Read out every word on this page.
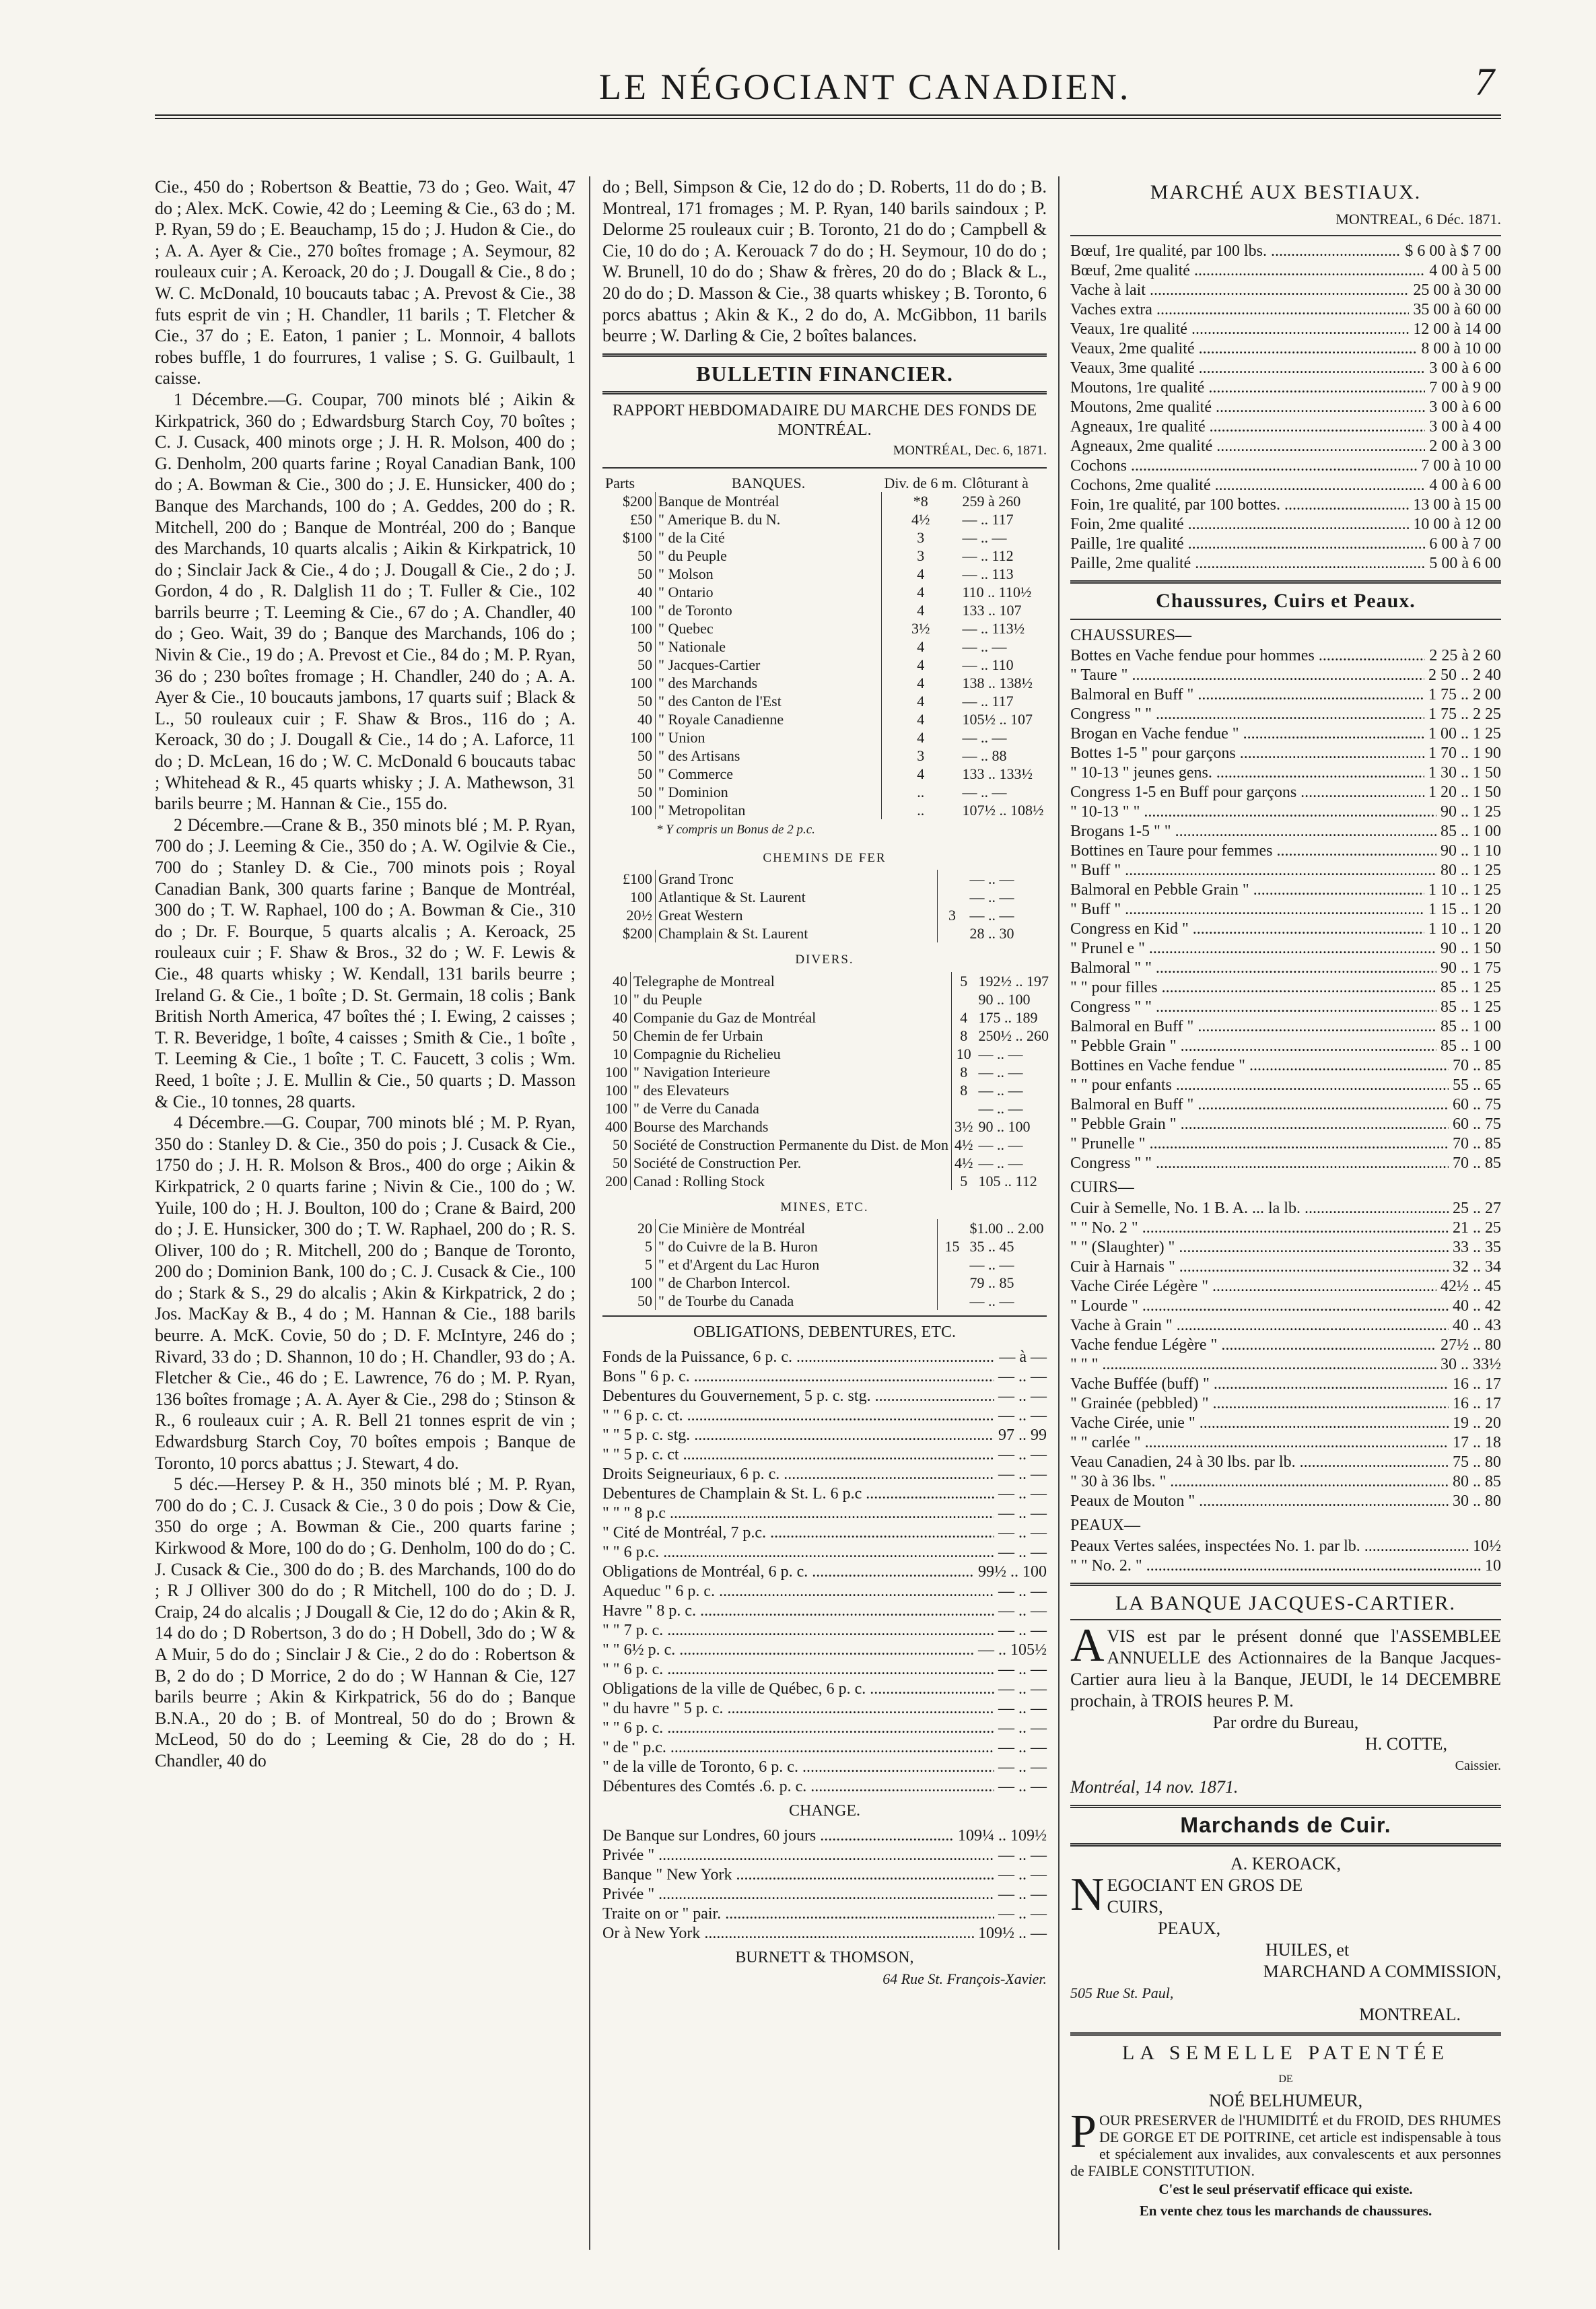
LE NÉGOCIANT CANADIEN.	7

Cie., 450 do ; Robertson & Beattie, 73 do ; Geo. Wait, 47 do ; Alex. McK. Cowie, 42 do ; Leeming & Cie., 63 do ; M. P. Ryan, 59 do ; E. Beauchamp, 15 do ; J. Hudon & Cie., do ; A. A. Ayer & Cie., 270 boîtes fromage ; A. Seymour, 82 rouleaux cuir ; A. Keroack, 20 do ; J. Dougall & Cie., 8 do ; W. C. McDonald, 10 boucauts tabac ; A. Prevost & Cie., 38 futs esprit de vin ; H. Chandler, 11 barils ; T. Fletcher & Cie., 37 do ; E. Eaton, 1 panier ; L. Monnoir, 4 ballots robes buffle, 1 do fourrures, 1 valise ; S. G. Guilbault, 1 caisse.

1 Décembre.—G. Coupar, 700 minots blé ; Aikin & Kirkpatrick, 360 do ; Edwardsburg Starch Coy, 70 boîtes ; C. J. Cusack, 400 minots orge ; J. H. R. Molson, 400 do ; G. Denholm, 200 quarts farine ; Royal Canadian Bank, 100 do ; A. Bowman & Cie., 300 do ; J. E. Hunsicker, 400 do ; Banque des Marchands, 100 do ; A. Geddes, 200 do ; R. Mitchell, 200 do ; Banque de Montréal, 200 do ; Banque des Marchands, 10 quarts alcalis ; Aikin & Kirkpatrick, 10 do ; Sinclair Jack & Cie., 4 do ; J. Dougall & Cie., 2 do ; J. Gordon, 4 do , R. Dalglish 11 do ; T. Fuller & Cie., 102 barrils beurre ; T. Leeming & Cie., 67 do ; A. Chandler, 40 do ; Geo. Wait, 39 do ; Banque des Marchands, 106 do ; Nivin & Cie., 19 do ; A. Prevost et Cie., 84 do ; M. P. Ryan, 36 do ; 230 boîtes fromage ; H. Chandler, 240 do ; A. A. Ayer & Cie., 10 boucauts jambons, 17 quarts suif ; Black & L., 50 rouleaux cuir ; F. Shaw & Bros., 116 do ; A. Keroack, 30 do ; J. Dougall & Cie., 14 do ; A. Laforce, 11 do ; D. McLean, 16 do ; W. C. McDonald 6 boucauts tabac ; Whitehead & R., 45 quarts whisky ; J. A. Mathewson, 31 barils beurre ; M. Hannan & Cie., 155 do.

2 Décembre.—Crane & B., 350 minots blé ; M. P. Ryan, 700 do ; J. Leeming & Cie., 350 do ; A. W. Ogilvie & Cie., 700 do ; Stanley D. & Cie., 700 minots pois ; Royal Canadian Bank, 300 quarts farine ; Banque de Montréal, 300 do ; T. W. Raphael, 100 do ; A. Bowman & Cie., 310 do ; Dr. F. Bourque, 5 quarts alcalis ; A. Keroack, 25 rouleaux cuir ; F. Shaw & Bros., 32 do ; W. F. Lewis & Cie., 48 quarts whisky ; W. Kendall, 131 barils beurre ; Ireland G. & Cie., 1 boîte ; D. St. Germain, 18 colis ; Bank British North America, 47 boîtes thé ; I. Ewing, 2 caisses ; T. R. Beveridge, 1 boîte, 4 caisses ; Smith & Cie., 1 boîte , T. Leeming & Cie., 1 boîte ; T. C. Faucett, 3 colis ; Wm. Reed, 1 boîte ; J. E. Mullin & Cie., 50 quarts ; D. Masson & Cie., 10 tonnes, 28 quarts.

4 Décembre.—G. Coupar, 700 minots blé ; M. P. Ryan, 350 do : Stanley D. & Cie., 350 do pois ; J. Cusack & Cie., 1750 do ; J. H. R. Molson & Bros., 400 do orge ; Aikin & Kirkpatrick, 2 0 quarts farine ; Nivin & Cie., 100 do ; W. Yuile, 100 do ; H. J. Boulton, 100 do ; Crane & Baird, 200 do ; J. E. Hunsicker, 300 do ; T. W. Raphael, 200 do ; R. S. Oliver, 100 do ; R. Mitchell, 200 do ; Banque de Toronto, 200 do ; Dominion Bank, 100 do ; C. J. Cusack & Cie., 100 do ; Stark & S., 29 do alcalis ; Akin & Kirkpatrick, 2 do ; Jos. MacKay & B., 4 do ; M. Hannan & Cie., 188 barils beurre. A. McK. Covie, 50 do ; D. F. McIntyre, 246 do ; Rivard, 33 do ; D. Shannon, 10 do ; H. Chandler, 93 do ; A. Fletcher & Cie., 46 do ; E. Lawrence, 76 do ; M. P. Ryan, 136 boîtes fromage ; A. A. Ayer & Cie., 298 do ; Stinson & R., 6 rouleaux cuir ; A. R. Bell 21 tonnes esprit de vin ; Edwardsburg Starch Coy, 70 boîtes empois ; Banque de Toronto, 10 porcs abattus ; J. Stewart, 4 do.

5 déc.—Hersey P. & H., 350 minots blé ; M. P. Ryan, 700 do do ; C. J. Cusack & Cie., 3 0 do pois ; Dow & Cie, 350 do orge ; A. Bowman & Cie., 200 quarts farine ; Kirkwood & More, 100 do do ; G. Denholm, 100 do do ; C. J. Cusack & Cie., 300 do do ; B. des Marchands, 100 do do ; R J Olliver 300 do do ; R Mitchell, 100 do do ; D. J. Craip, 24 do alcalis ; J Dougall & Cie, 12 do do ; Akin & R, 14 do do ; D Robertson, 3 do do ; H Dobell, 3do do ; W & A Muir, 5 do do ; Sinclair J & Cie., 2 do do : Robertson & B, 2 do do ; D Morrice, 2 do do ; W Hannan & Cie, 127 barils beurre ; Akin & Kirkpatrick, 56 do do ; Banque B.N.A., 20 do ; B. of Montreal, 50 do do ; Brown & McLeod, 50 do do ; Leeming & Cie, 28 do do ; H. Chandler, 40 do

do ; Bell, Simpson & Cie, 12 do do ; D. Roberts, 11 do do ; B. Montreal, 171 fromages ; M. P. Ryan, 140 barils saindoux ; P. Delorme 25 rouleaux cuir ; B. Toronto, 21 do do ; Campbell & Cie, 10 do do ; A. Kerouack 7 do do ; H. Seymour, 10 do do ; W. Brunell, 10 do do ; Shaw & frères, 20 do do ; Black & L., 20 do do ; D. Masson & Cie., 38 quarts whiskey ; B. Toronto, 6 porcs abattus ; Akin & K., 2 do do, A. McGibbon, 11 barils beurre ; W. Darling & Cie, 2 boîtes balances.

BULLETIN FINANCIER.
RAPPORT HEBDOMADAIRE DU MARCHE DES FONDS DE MONTRÉAL.
MONTRÉAL, Dec. 6, 1871.
Parts	BANQUES.	Div. de 6 m.	Clôturant à
$200	Banque de Montréal	*8	259 à 260
£50	" Amerique B. du N.	4½	— .. 117
$100	" de la Cité	3	— .. —
50	" du Peuple	3	— .. 112
50	" Molson	4	— .. 113
40	" Ontario	4	110 .. 110½
100	" de Toronto	4	133 .. 107
100	" Quebec	3½	— .. 113½
50	" Nationale	4	— .. —
50	" Jacques-Cartier	4	— .. 110
100	" des Marchands	4	138 .. 138½
50	" des Canton de l'Est	4	— .. 117
40	" Royale Canadienne	4	105½ .. 107
100	" Union	4	— .. —
50	" des Artisans	3	— .. 88
50	" Commerce	4	133 .. 133½
50	" Dominion	..	— .. —
100	" Metropolitan	..	107½ .. 108½
* Y compris un Bonus de 2 p.c.
CHEMINS DE FER
£100	Grand Tronc		— .. —
100	Atlantique & St. Laurent		— .. —
20½	Great Western	3	— .. —
$200	Champlain & St. Laurent		28 .. 30
DIVERS.
40	Telegraphe de Montreal	5	192½ .. 197
10	" du Peuple		90 .. 100
40	Companie du Gaz de Montréal	4	175 .. 189
50	Chemin de fer Urbain	8	250½ .. 260
10	Compagnie du Richelieu	10	— .. —
100	" Navigation Interieure	8	— .. —
100	" des Elevateurs	8	— .. —
100	" de Verre du Canada		— .. —
400	Bourse des Marchands	3½	90 .. 100
50	Société de Construction Permanente du Dist. de Mon	4½	— .. —
50	Société de Construction Per.	4½	— .. —
200	Canad : Rolling Stock	5	105 .. 112
MINES, ETC.
20	Cie Minière de Montréal		$1.00 .. 2.00
5	" do Cuivre de la B. Huron	15	35 .. 45
5	" et d'Argent du Lac Huron		— .. —
100	" de Charbon Intercol.		79 .. 85
50	" de Tourbe du Canada		— .. —
OBLIGATIONS, DEBENTURES, ETC.
Fonds de la Puissance, 6 p. c. .....	— à —
Bons " 6 p. c. .....	— .. —
Debentures du Gouvernement, 5 p. c. stg. .....	— .. —
" " 6 p. c. ct. .....	— .. —
" " 5 p. c. stg. .....	97 .. 99
" " 5 p. c. ct .....	— .. —
Droits Seigneuriaux, 6 p. c. .....	— .. —
Debentures de Champlain & St. L. 6 p.c .....	— .. —
" " " 8 p.c .....	— .. —
" Cité de Montréal, 7 p.c. .....	— .. —
" " 6 p.c. .....	— .. —
Obligations de Montréal, 6 p. c. .....	99½ .. 100
Aqueduc " 6 p. c. .....	— .. —
Havre " 8 p. c. .....	— .. —
" " 7 p. c. .....	— .. —
" " 6½ p. c. .....	— .. 105½
" " 6 p. c. .....	— .. —
Obligations de la ville de Québec, 6 p. c. .....	— .. —
" du havre " 5 p. c. .....	— .. —
" " 6 p. c. .....	— .. —
" de " p.c. .....	— .. —
" de la ville de Toronto, 6 p. c. .....	— .. —
Débentures des Comtés .6. p. c. .....	— .. —
CHANGE.
De Banque sur Londres, 60 jours .....	109¼ .. 109½
Privée " .....	— .. —
Banque " New York .....	— .. —
Privée " .....	— .. —
Traite on or " pair. .....	— .. —
Or à New York .....	109½ .. —
BURNETT & THOMSON,
64 Rue St. François-Xavier.
MARCHÉ AUX BESTIAUX.
MONTREAL, 6 Déc. 1871.
Bœuf, 1re qualité, par 100 lbs. .....	$ 6 00 à $ 7 00
Bœuf, 2me qualité .....	4 00 à 5 00
Vache à lait .....	25 00 à 30 00
Vaches extra .....	35 00 à 60 00
Veaux, 1re qualité .....	12 00 à 14 00
Veaux, 2me qualité .....	8 00 à 10 00
Veaux, 3me qualité .....	3 00 à 6 00
Moutons, 1re qualité .....	7 00 à 9 00
Moutons, 2me qualité .....	3 00 à 6 00
Agneaux, 1re qualité .....	3 00 à 4 00
Agneaux, 2me qualité .....	2 00 à 3 00
Cochons .....	7 00 à 10 00
Cochons, 2me qualité .....	4 00 à 6 00
Foin, 1re qualité, par 100 bottes. .....	13 00 à 15 00
Foin, 2me qualité .....	10 00 à 12 00
Paille, 1re qualité .....	6 00 à 7 00
Paille, 2me qualité .....	5 00 à 6 00
Chaussures, Cuirs et Peaux.
CHAUSSURES—
Bottes en Vache fendue pour hommes .....	2 25 à 2 60
" Taure " .....	2 50 .. 2 40
Balmoral en Buff " .....	1 75 .. 2 00
Congress " " .....	1 75 .. 2 25
Brogan en Vache fendue " .....	1 00 .. 1 25
Bottes 1-5 " pour garçons .....	1 70 .. 1 90
" 10-13 " jeunes gens. .....	1 30 .. 1 50
Congress 1-5 en Buff pour garçons .....	1 20 .. 1 50
" 10-13 " " .....	90 .. 1 25
Brogans 1-5 " " .....	85 .. 1 00
Bottines en Taure pour femmes .....	90 .. 1 10
" Buff " .....	80 .. 1 25
Balmoral en Pebble Grain " .....	1 10 .. 1 25
" Buff " .....	1 15 .. 1 20
Congress en Kid " .....	1 10 .. 1 20
" Prunel e " .....	90 .. 1 50
Balmoral " " .....	90 .. 1 75
" " pour filles .....	85 .. 1 25
Congress " " .....	85 .. 1 25
Balmoral en Buff " .....	85 .. 1 00
" Pebble Grain " .....	85 .. 1 00
Bottines en Vache fendue " .....	70 .. 85
" " pour enfants .....	55 .. 65
Balmoral en Buff " .....	60 .. 75
" Pebble Grain " .....	60 .. 75
" Prunelle " .....	70 .. 85
Congress " " .....	70 .. 85
CUIRS—
Cuir à Semelle, No. 1 B. A. ... la lb. .....	25 .. 27
" " No. 2 " .....	21 .. 25
" " (Slaughter) " .....	33 .. 35
Cuir à Harnais " .....	32 .. 34
Vache Cirée Légère " .....	42½ .. 45
" Lourde " .....	40 .. 42
Vache à Grain " .....	40 .. 43
Vache fendue Légère " .....	27½ .. 80
" " " .....	30 .. 33½
Vache Buffée (buff) " .....	16 .. 17
" Grainée (pebbled) " .....	16 .. 17
Vache Cirée, unie " .....	19 .. 20
" " carlée " .....	17 .. 18
Veau Canadien, 24 à 30 lbs. par lb. .....	75 .. 80
" 30 à 36 lbs. " .....	80 .. 85
Peaux de Mouton " .....	30 .. 80
PEAUX—
Peaux Vertes salées, inspectées No. 1. par lb. .....	10½
" " No. 2. " .....	10
LA BANQUE JACQUES-CARTIER.
A VIS est par le présent donné que l'ASSEMBLEE ANNUELLE des Actionnaires de la Banque Jacques-Cartier aura lieu à la Banque, JEUDI, le 14 DECEMBRE prochain, à TROIS heures P. M.
Par ordre du Bureau,
H. COTTE,
Caissier.
Montréal, 14 nov. 1871.
Marchands de Cuir.
A. KEROACK,
N EGOCIANT EN GROS DE
CUIRS,
PEAUX,
HUILES, et
MARCHAND A COMMISSION,
505 Rue St. Paul,
MONTREAL.
LA SEMELLE PATENTÉE
DE
NOÉ BELHUMEUR,
P OUR PRESERVER de l'HUMIDITÉ et du FROID, DES RHUMES DE GORGE ET DE POITRINE, cet article est indispensable à tous et spécialement aux invalides, aux convalescents et aux personnes de FAIBLE CONSTITUTION.
C'est le seul préservatif efficace qui existe.
En vente chez tous les marchands de chaussures.
